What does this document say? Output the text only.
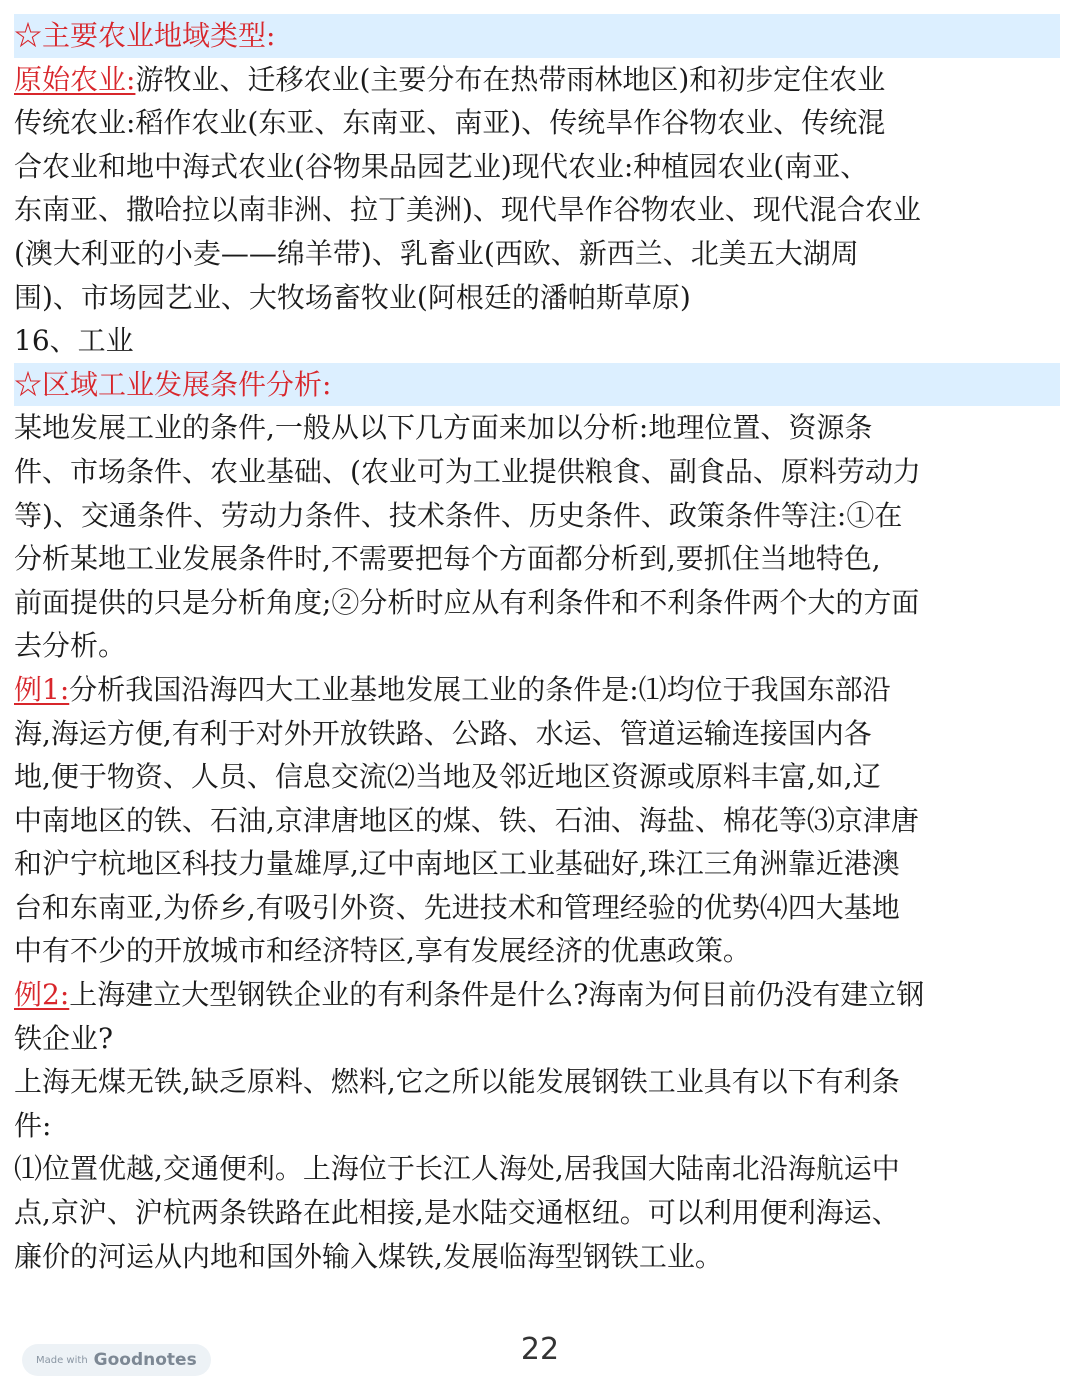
☆主要农业地域类型:
原始农业:游牧业、迁移农业(主要分布在热带雨林地区)和初步定住农业
传统农业:稻作农业(东亚、东南亚、南亚)、传统旱作谷物农业、传统混
合农业和地中海式农业(谷物果品园艺业)现代农业:种植园农业(南亚、
东南亚、撒哈拉以南非洲、拉丁美洲)、现代旱作谷物农业、现代混合农业
(澳大利亚的小麦——绵羊带)、乳畜业(西欧、新西兰、北美五大湖周
围)、市场园艺业、大牧场畜牧业(阿根廷的潘帕斯草原)
16、工业
☆区域工业发展条件分析:
某地发展工业的条件,一般从以下几方面来加以分析:地理位置、资源条
件、市场条件、农业基础、(农业可为工业提供粮食、副食品、原料劳动力
等)、交通条件、劳动力条件、技术条件、历史条件、政策条件等注:①在
分析某地工业发展条件时,不需要把每个方面都分析到,要抓住当地特色,
前面提供的只是分析角度;②分析时应从有利条件和不利条件两个大的方面
去分析。
例1:分析我国沿海四大工业基地发展工业的条件是:⑴均位于我国东部沿
海,海运方便,有利于对外开放铁路、公路、水运、管道运输连接国内各
地,便于物资、人员、信息交流⑵当地及邻近地区资源或原料丰富,如,辽
中南地区的铁、石油,京津唐地区的煤、铁、石油、海盐、棉花等⑶京津唐
和沪宁杭地区科技力量雄厚,辽中南地区工业基础好,珠江三角洲靠近港澳
台和东南亚,为侨乡,有吸引外资、先进技术和管理经验的优势⑷四大基地
中有不少的开放城市和经济特区,享有发展经济的优惠政策。
例2:上海建立大型钢铁企业的有利条件是什么?海南为何目前仍没有建立钢
铁企业?
上海无煤无铁,缺乏原料、燃料,它之所以能发展钢铁工业具有以下有利条
件:
⑴位置优越,交通便利。上海位于长江人海处,居我国大陆南北沿海航运中
点,京沪、沪杭两条铁路在此相接,是水陆交通枢纽。可以利用便利海运、
廉价的河运从内地和国外输入煤铁,发展临海型钢铁工业。
Made with Goodnotes	22
